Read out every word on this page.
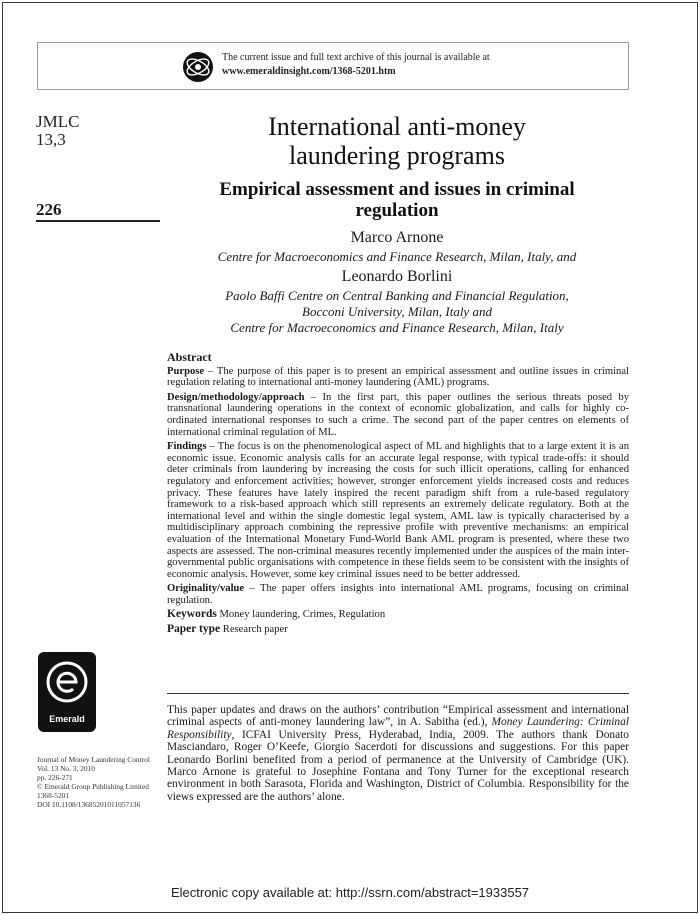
The current issue and full text archive of this journal is available at
www.emeraldinsight.com/1368-5201.htm
JMLC
13,3
226
International anti-money
laundering programs
Empirical assessment and issues in criminal
regulation
Marco Arnone
Centre for Macroeconomics and Finance Research, Milan, Italy, and
Leonardo Borlini
Paolo Baffi Centre on Central Banking and Financial Regulation,
Bocconi University, Milan, Italy and
Centre for Macroeconomics and Finance Research, Milan, Italy
Abstract

Purpose – The purpose of this paper is to present an empirical assessment and outline issues in criminal regulation relating to international anti-money laundering (AML) programs.

Design/methodology/approach – In the first part, this paper outlines the serious threats posed by transnational laundering operations in the context of economic globalization, and calls for highly co-ordinated international responses to such a crime. The second part of the paper centres on elements of international criminal regulation of ML.

Findings – The focus is on the phenomenological aspect of ML and highlights that to a large extent it is an economic issue. Economic analysis calls for an accurate legal response, with typical trade-offs: it should deter criminals from laundering by increasing the costs for such illicit operations, calling for enhanced regulatory and enforcement activities; however, stronger enforcement yields increased costs and reduces privacy. These features have lately inspired the recent paradigm shift from a rule-based regulatory framework to a risk-based approach which still represents an extremely delicate regulatory. Both at the international level and within the single domestic legal system, AML law is typically characterised by a multidisciplinary approach combining the repressive profile with preventive mechanisms: an empirical evaluation of the International Monetary Fund-World Bank AML program is presented, where these two aspects are assessed. The non-criminal measures recently implemented under the auspices of the main inter-governmental public organisations with competence in these fields seem to be consistent with the insights of economic analysis. However, some key criminal issues need to be better addressed.

Originality/value – The paper offers insights into international AML programs, focusing on criminal regulation.

Keywords Money laundering, Crimes, Regulation

Paper type Research paper

Emerald
Journal of Money Laundering Control
Vol. 13 No. 3, 2010
pp. 226-271
© Emerald Group Publishing Limited
1368-5201
DOI 10.1108/13685201011057136
This paper updates and draws on the authors’ contribution “Empirical assessment and international criminal aspects of anti-money laundering law”, in A. Sabitha (ed.), Money Laundering: Criminal Responsibility, ICFAI University Press, Hyderabad, India, 2009. The authors thank Donato Masciandaro, Roger O’Keefe, Giorgio Sacerdoti for discussions and suggestions. For this paper Leonardo Borlini benefited from a period of permanence at the University of Cambridge (UK). Marco Arnone is grateful to Josephine Fontana and Tony Turner for the exceptional research environment in both Sarasota, Florida and Washington, District of Columbia. Responsibility for the views expressed are the authors’ alone.
Electronic copy available at: http://ssrn.com/abstract=1933557
